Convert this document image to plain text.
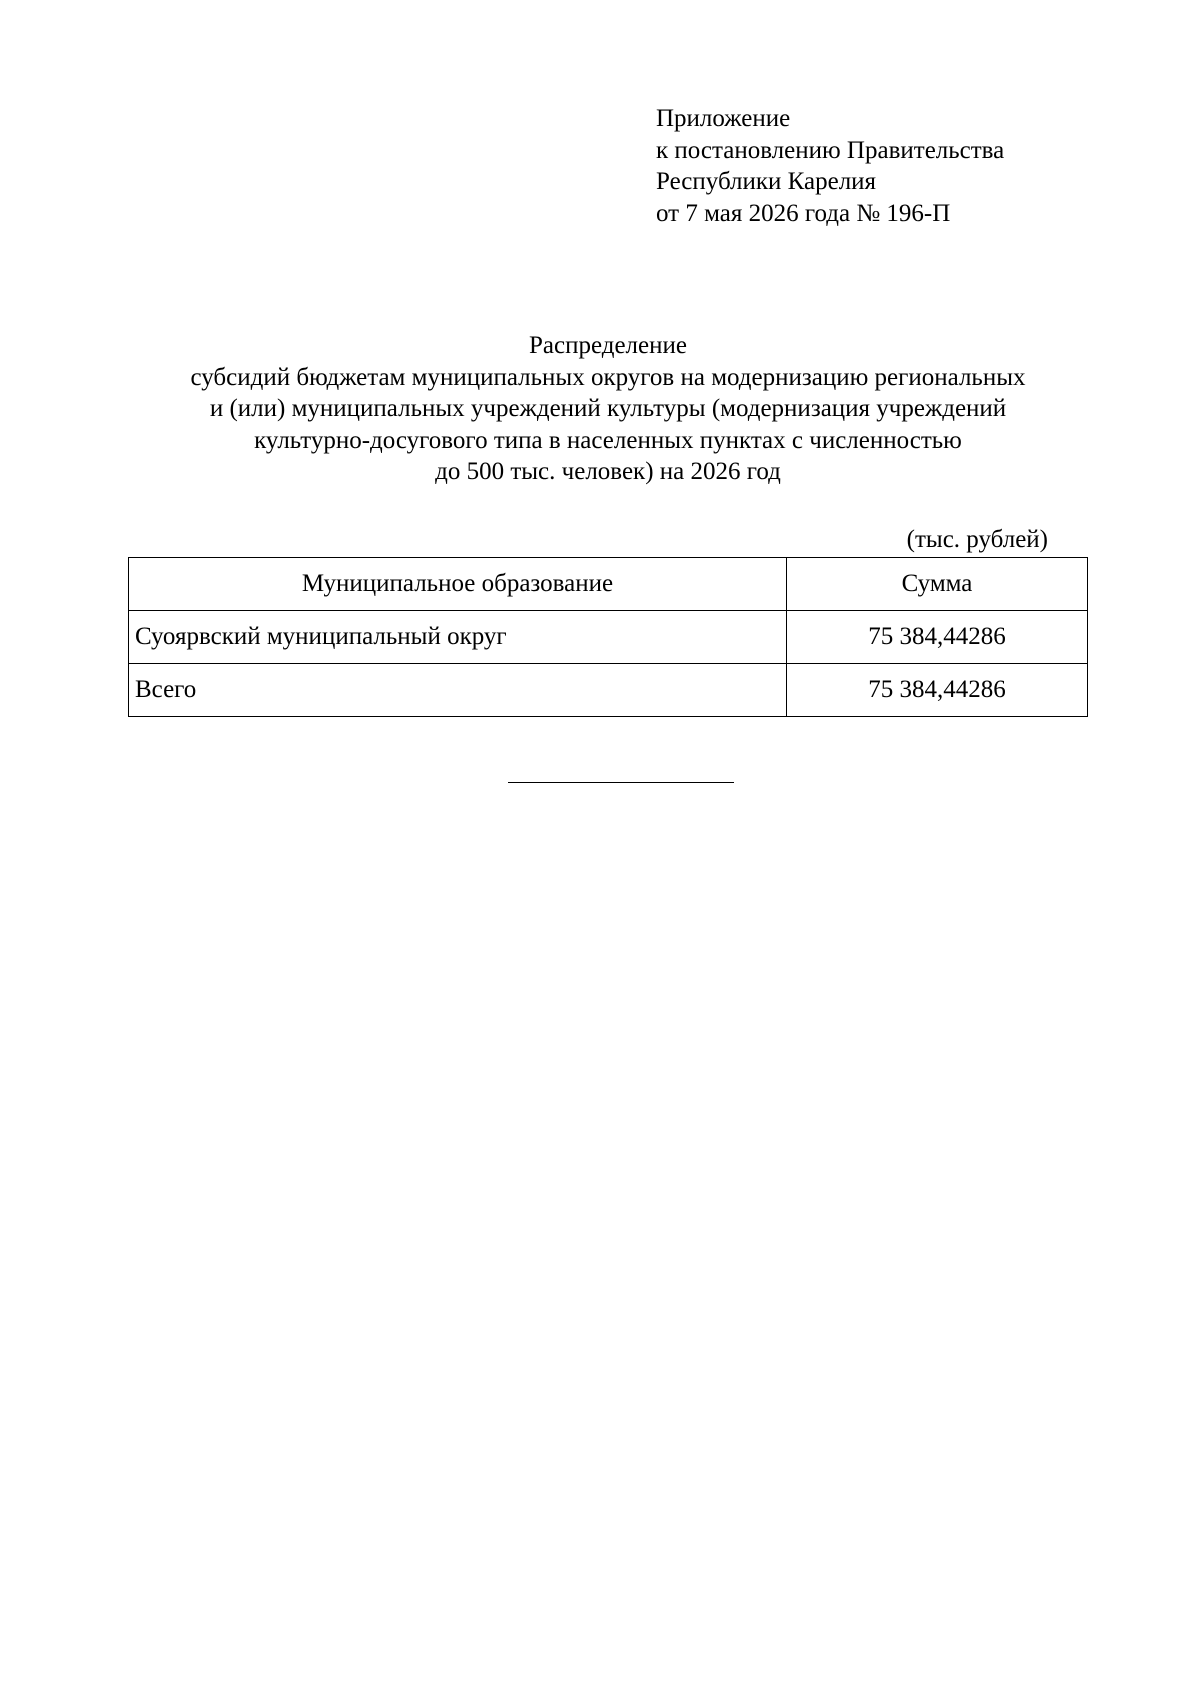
Приложение
к постановлению Правительства
Республики Карелия
от 7 мая 2026 года № 196-П
Распределение
субсидий бюджетам муниципальных округов на модернизацию региональных
и (или) муниципальных учреждений культуры (модернизация учреждений
культурно-досугового типа в населенных пунктах с численностью
до 500 тыс. человек) на 2026 год
(тыс. рублей)
Муниципальное образование	Сумма
Суоярвский муниципальный округ	75 384,44286
Всего	75 384,44286
